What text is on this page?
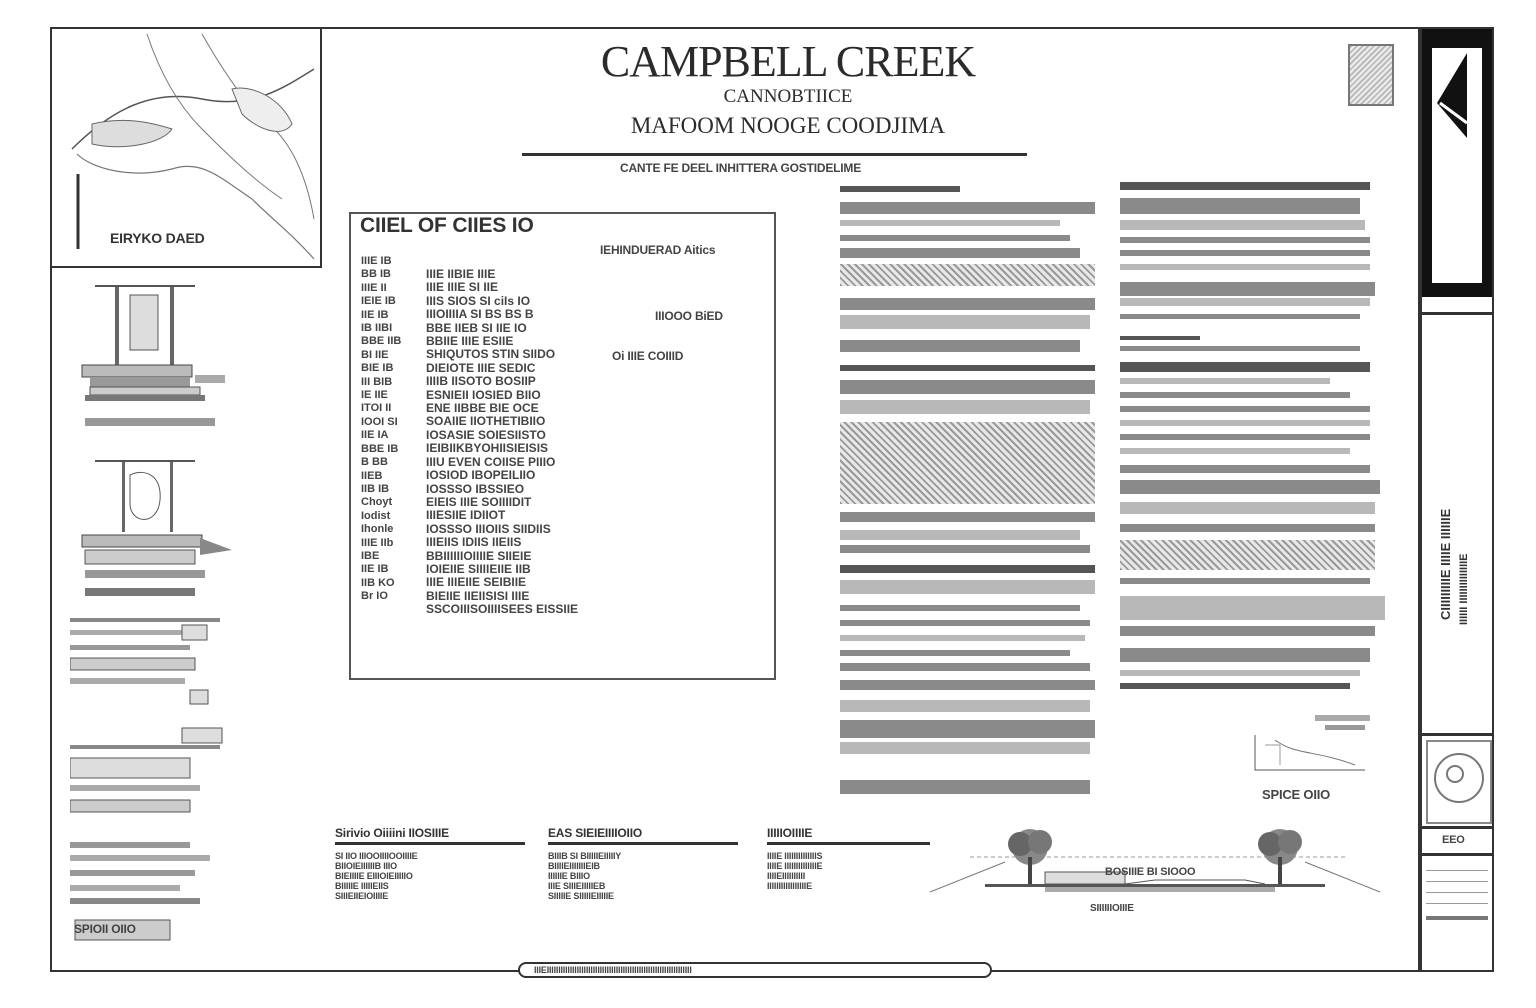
EIRYKO DAED
CAMPBELL CREEK
CANNOBTIICE
MAFOOM NOOGE COODJIMA
CANTE FE DEEL INHITTERA GOSTIDELIME
CIIEL OF CIIES IO
IEHINDUERAD Aitics
IIIE IB
BB IB
IIIE II
IEIE IB
IIE IB
IB IIBI
BBE IIB
BI IIE
BIE IB
III BIB
IE IIE
ITOI II
IOOI SI
IIE IA
BBE IB
B BB
IIEB
IIB IB
Choyt
Iodist
Ihonle
IIIE IIb
IBE
IIE IB
IIB KO
Br IO
IIIE IIBIE IIIE
IIIE IIIE SI IIE
IIIS SIOS SI ciIs IO
IIIOIIIIA SI BS BS B
BBE IIEB SI IIE IO
BBIIE IIIE ESIIE
SHIQUTOS STIN SIIDO
DIEIOTE IIIE SEDIC
IIIIB IISOTO BOSIIP
ESNIEII IOSIED BIIO
ENE IIBBE BIE OCE
SOAIIE IIOTHETIBIIO
IOSASIE SOIESIISTO
IEIBIIKBYOHIISIEISIS
IIIU EVEN COIISE PIIIO
IOSIOD IBOPEILIIO
IOSSSO IBSSIEO
EIEIS IIIE SOIIIIDIT
IIIESIIE IDIIOT
IOSSSO IIIOIIS SIIDIIS
IIIEIIS IDIIS IIEIIS
BBIIIIIIOIIIIE SIIEIE
IOIEIIE SIIIIEIIE IIB
IIIE IIIEIIE SEIBIIE
BIEIIE IIEIISISI IIIE
SSCOIIISOIIIISEES EISSIIE
IIIOOO BiED
Oi IIIE COIIID
SPICE OIIO
Sirivio Oiiiini IIOSIIIE
SI IIO IIIOOIIIIOOIIIIE
BIIOIEIIIIIIB IIIO
BIEIIIIE EIIIOIEIIIIIO
BIIIIIE IIIIIEIIS
SIIIEIIEIOIIIIE
EAS SIEIEIIIIOIIO
BIIIB SI BIIIIIEIIIIIY
BIIIIEIIIIIIIEIB
IIIIIIE BIIIO
IIIE SIIIEIIIIIEB
SIIIIIE SIIIIIEIIIIIE
IIIIIOIIIIE
IIIIE IIIIIIIIIIIIIIS
IIIIE IIIIIIIIIIIIIIE
IIIIEIIIIIIIIII
IIIIIIIIIIIIIIIIIE
BOSIIIE BI SIOOO
SIIIIIIOIIIE
SPIOII OIIO
IIIEIIIIIIIIIIIIIIIIIIIIIIIIIIIIIIIIIIIIIIIIIIIIIIIIIIIIIIIIIIIIIII
III IIIII IIII
CIIIIIIIIIE IIIIE IIIIIIE IIIIII IIIIIIIIIIIIIIE
EEO
